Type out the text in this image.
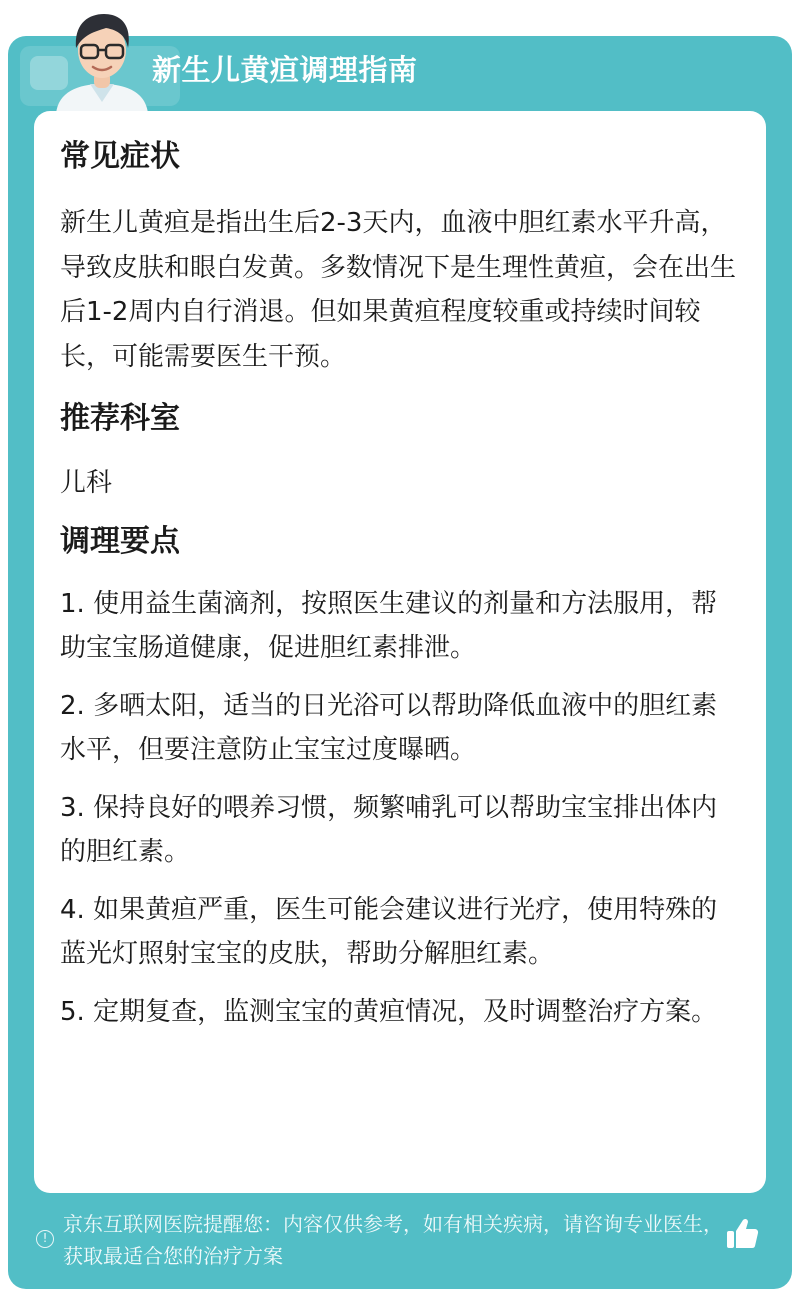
新生儿黄疸调理指南
常见症状

新生儿黄疸是指出生后2-3天内，血液中胆红素水平升高，导致皮肤和眼白发黄。多数情况下是生理性黄疸，会在出生后1-2周内自行消退。但如果黄疸程度较重或持续时间较长，可能需要医生干预。

推荐科室

儿科

调理要点

1. 使用益生菌滴剂，按照医生建议的剂量和方法服用，帮助宝宝肠道健康，促进胆红素排泄。

2. 多晒太阳，适当的日光浴可以帮助降低血液中的胆红素水平，但要注意防止宝宝过度曝晒。

3. 保持良好的喂养习惯，频繁哺乳可以帮助宝宝排出体内的胆红素。

4. 如果黄疸严重，医生可能会建议进行光疗，使用特殊的蓝光灯照射宝宝的皮肤，帮助分解胆红素。

5. 定期复查，监测宝宝的黄疸情况，及时调整治疗方案。

!
京东互联网医院提醒您：内容仅供参考，如有相关疾病，请咨询专业医生，获取最适合您的治疗方案
